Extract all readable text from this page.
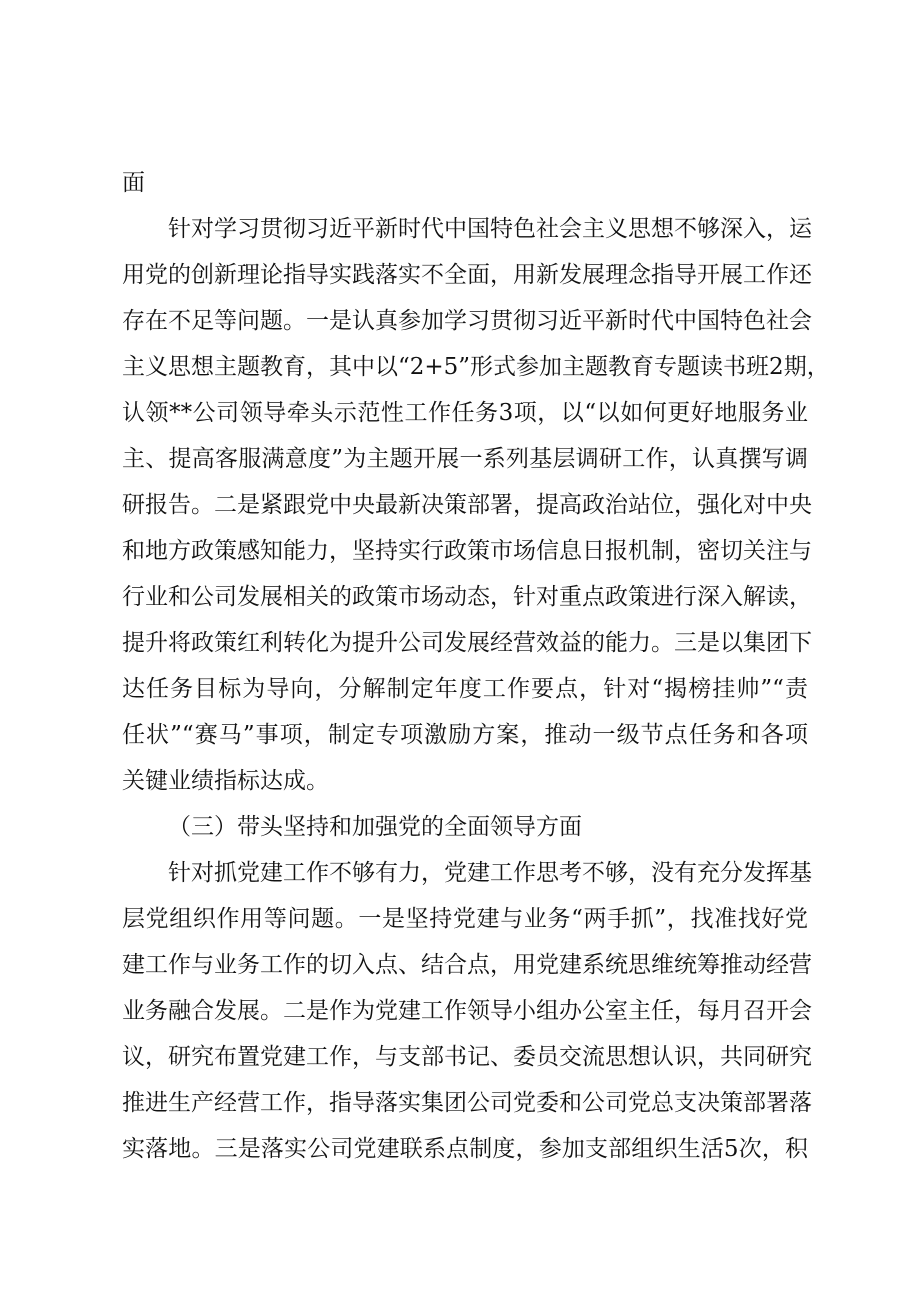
面
针对学习贯彻习近平新时代中国特色社会主义思想不够深入，运
用党的创新理论指导实践落实不全面，用新发展理念指导开展工作还
存在不足等问题。一是认真参加学习贯彻习近平新时代中国特色社会
主义思想主题教育，其中以“2+5”形式参加主题教育专题读书班2期，
认领**公司领导牵头示范性工作任务3项，以“以如何更好地服务业
主、提高客服满意度”为主题开展一系列基层调研工作，认真撰写调
研报告。二是紧跟党中央最新决策部署，提高政治站位，强化对中央
和地方政策感知能力，坚持实行政策市场信息日报机制，密切关注与
行业和公司发展相关的政策市场动态，针对重点政策进行深入解读，
提升将政策红利转化为提升公司发展经营效益的能力。三是以集团下
达任务目标为导向，分解制定年度工作要点，针对“揭榜挂帅”“责
任状”“赛马”事项，制定专项激励方案，推动一级节点任务和各项
关键业绩指标达成。
（三）带头坚持和加强党的全面领导方面
针对抓党建工作不够有力，党建工作思考不够，没有充分发挥基
层党组织作用等问题。一是坚持党建与业务“两手抓”，找准找好党
建工作与业务工作的切入点、结合点，用党建系统思维统筹推动经营
业务融合发展。二是作为党建工作领导小组办公室主任，每月召开会
议，研究布置党建工作，与支部书记、委员交流思想认识，共同研究
推进生产经营工作，指导落实集团公司党委和公司党总支决策部署落
实落地。三是落实公司党建联系点制度，参加支部组织生活5次，积
